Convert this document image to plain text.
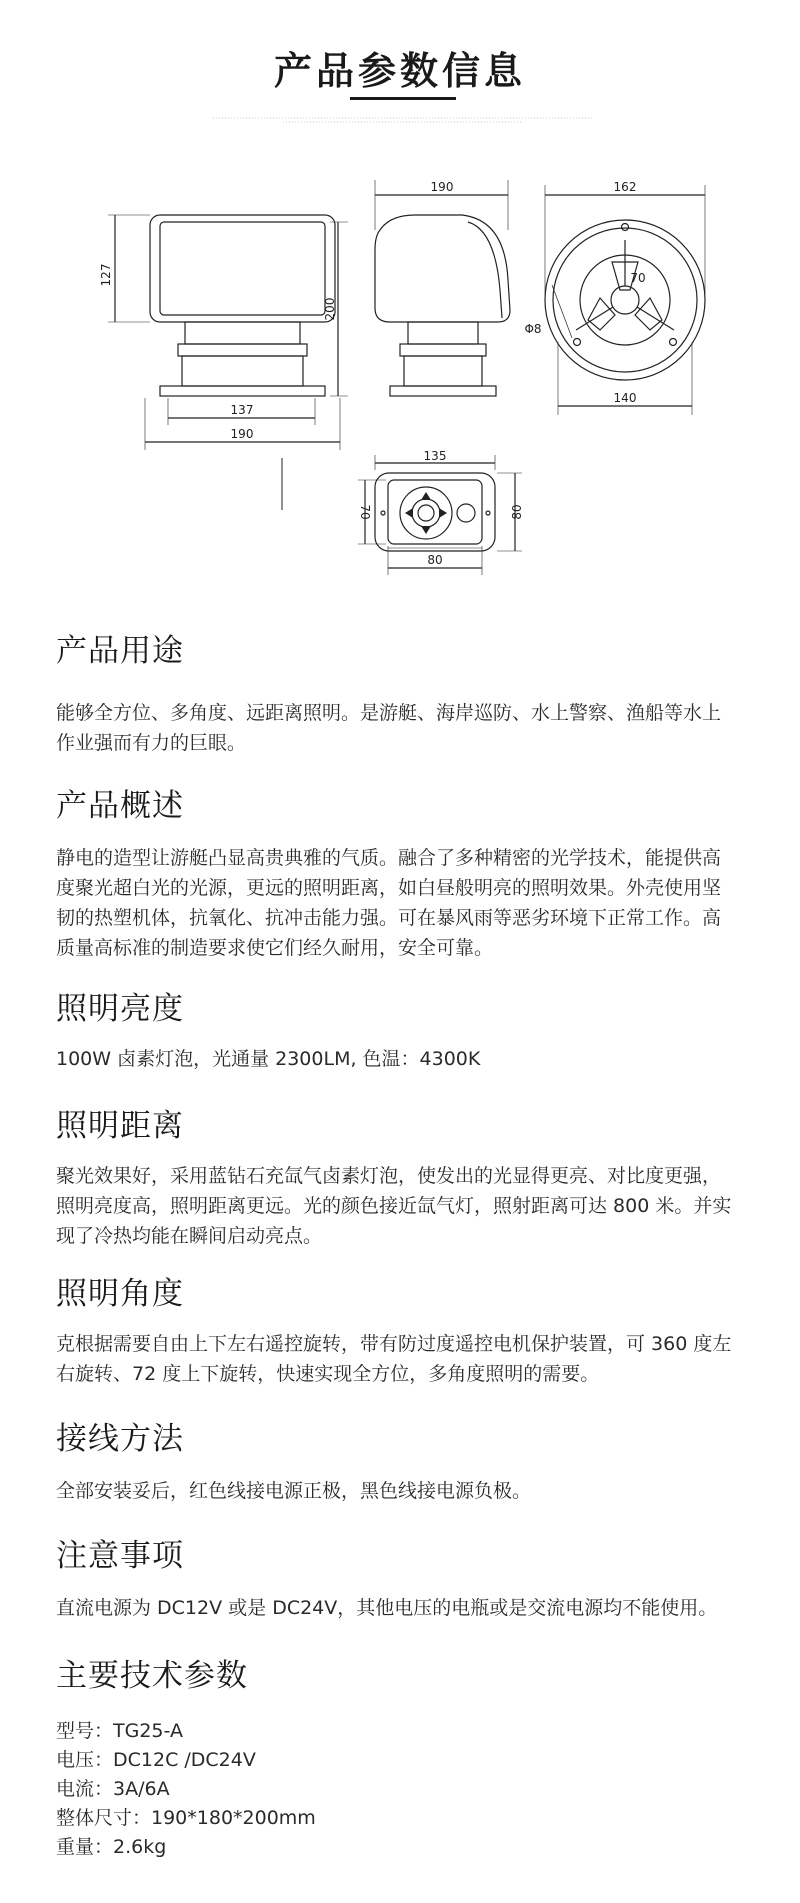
产品参数信息
127
137
190
190
200
162
70
Φ8
140
135
80
70	80
产品用途

能够全方位、多角度、远距离照明。是游艇、海岸巡防、水上警察、渔船等水上作业强而有力的巨眼。

产品概述

静电的造型让游艇凸显高贵典雅的气质。融合了多种精密的光学技术，能提供高度聚光超白光的光源，更远的照明距离，如白昼般明亮的照明效果。外壳使用坚韧的热塑机体，抗氧化、抗冲击能力强。可在暴风雨等恶劣环境下正常工作。高质量高标准的制造要求使它们经久耐用，安全可靠。

照明亮度

100W 卤素灯泡，光通量 2300LM, 色温：4300K

照明距离

聚光效果好，采用蓝钻石充氙气卤素灯泡，使发出的光显得更亮、对比度更强，照明亮度高，照明距离更远。光的颜色接近氙气灯，照射距离可达 800 米。并实现了冷热均能在瞬间启动亮点。

照明角度

克根据需要自由上下左右遥控旋转，带有防过度遥控电机保护装置，可 360 度左右旋转、72 度上下旋转，快速实现全方位，多角度照明的需要。

接线方法

全部安装妥后，红色线接电源正极，黑色线接电源负极。

注意事项

直流电源为 DC12V 或是 DC24V，其他电压的电瓶或是交流电源均不能使用。

主要技术参数
型号：TG25-A
电压：DC12C /DC24V
电流：3A/6A
整体尺寸：190*180*200mm
重量：2.6kg
